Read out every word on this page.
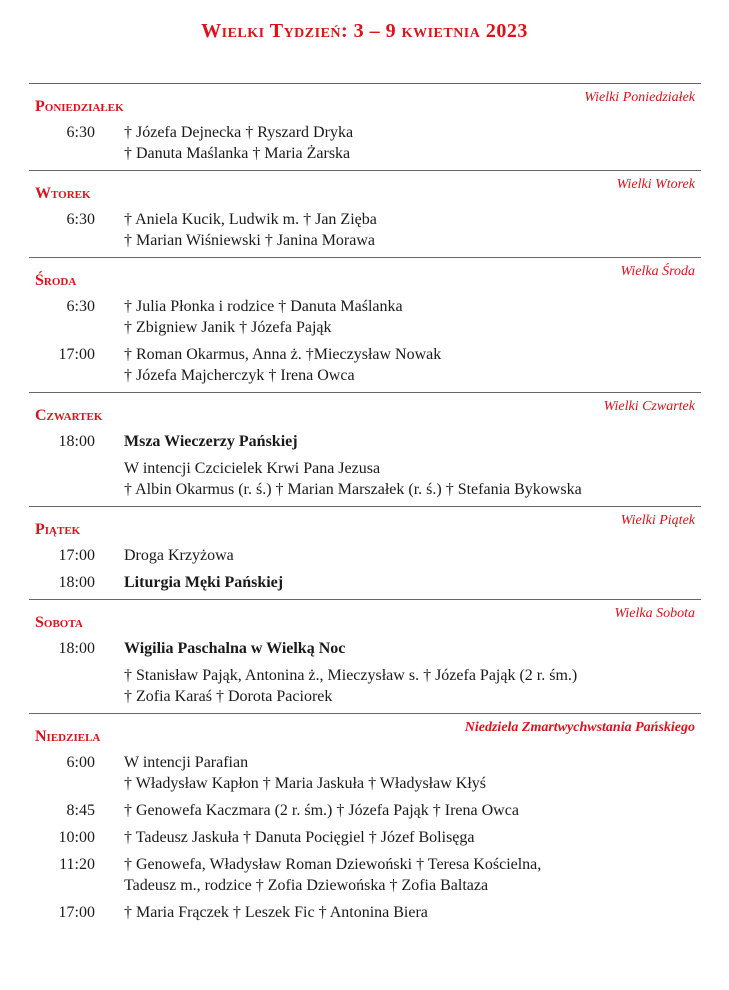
Wielki Tydzień: 3 – 9 kwietnia 2023
Poniedziałek
Wielki Poniedziałek
6:30	† Józefa Dejnecka † Ryszard Dryka
† Danuta Maślanka † Maria Żarska
Wtorek
Wielki Wtorek
6:30	† Aniela Kucik, Ludwik m. † Jan Zięba
† Marian Wiśniewski † Janina Morawa
Środa
Wielka Środa
6:30	† Julia Płonka i rodzice † Danuta Maślanka
† Zbigniew Janik † Józefa Pająk
17:00	† Roman Okarmus, Anna ż. †Mieczysław Nowak
† Józefa Majcherczyk † Irena Owca
Czwartek
Wielki Czwartek
18:00	Msza Wieczerzy Pańskiej
W intencji Czcicielek Krwi Pana Jezusa
† Albin Okarmus (r. ś.) † Marian Marszałek (r. ś.) † Stefania Bykowska
Piątek
Wielki Piątek
17:00	Droga Krzyżowa
18:00	Liturgia Męki Pańskiej
Sobota
Wielka Sobota
18:00	Wigilia Paschalna w Wielką Noc
† Stanisław Pająk, Antonina ż., Mieczysław s. † Józefa Pająk (2 r. śm.)
† Zofia Karaś † Dorota Paciorek
Niedziela
Niedziela Zmartwychwstania Pańskiego
6:00	W intencji Parafian
† Władysław Kapłon † Maria Jaskuła † Władysław Kłyś
8:45	† Genowefa Kaczmara (2 r. śm.) † Józefa Pająk † Irena Owca
10:00	† Tadeusz Jaskuła † Danuta Pocięgiel † Józef Bolisęga
11:20	† Genowefa, Władysław Roman Dziewoński † Teresa Kościelna,
Tadeusz m., rodzice † Zofia Dziewońska † Zofia Baltaza
17:00	† Maria Frączek † Leszek Fic † Antonina Biera
